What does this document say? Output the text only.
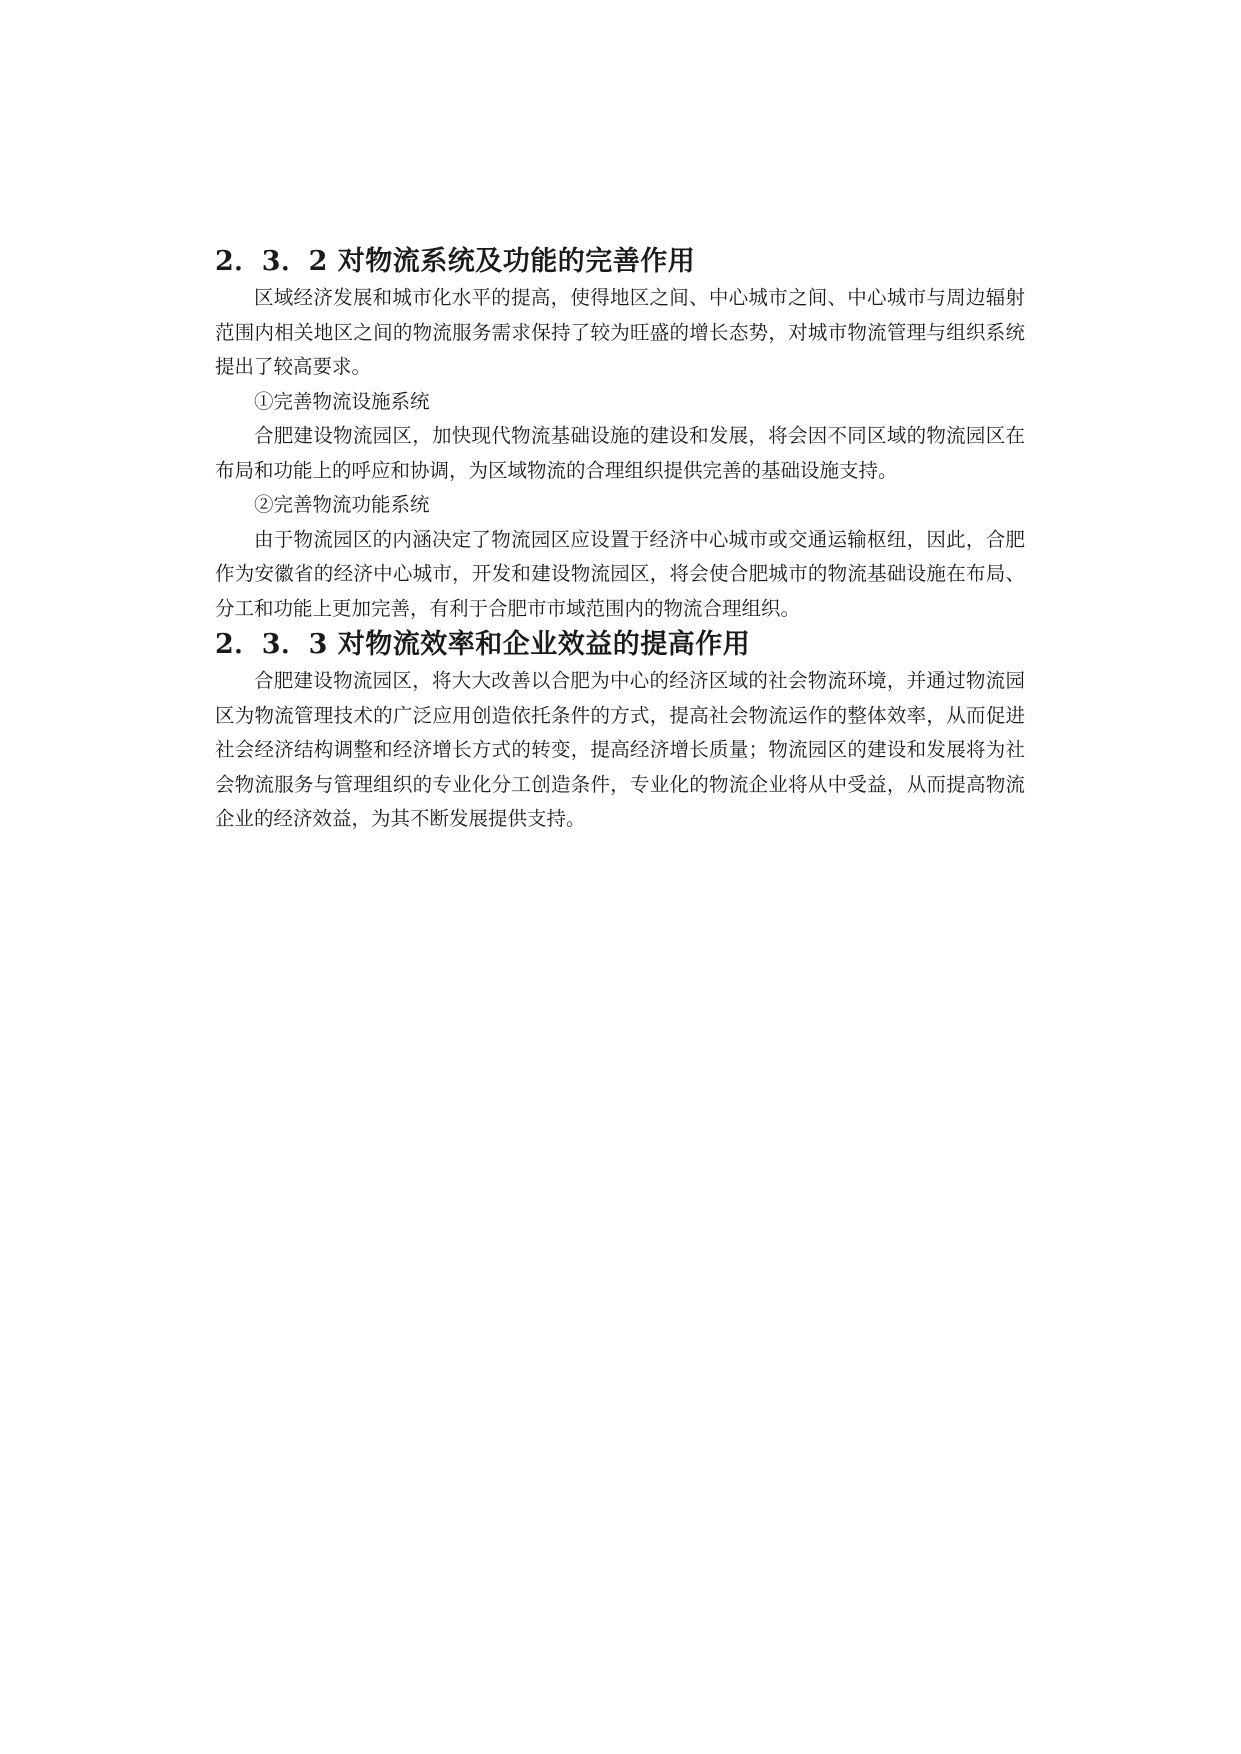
2．3．2 对物流系统及功能的完善作用

区域经济发展和城市化水平的提高，使得地区之间、中心城市之间、中心城市与周边辐射范围内相关地区之间的物流服务需求保持了较为旺盛的增长态势，对城市物流管理与组织系统提出了较高要求。

①完善物流设施系统

合肥建设物流园区，加快现代物流基础设施的建设和发展，将会因不同区域的物流园区在布局和功能上的呼应和协调，为区域物流的合理组织提供完善的基础设施支持。

②完善物流功能系统

由于物流园区的内涵决定了物流园区应设置于经济中心城市或交通运输枢纽，因此，合肥作为安徽省的经济中心城市，开发和建设物流园区，将会使合肥城市的物流基础设施在布局、分工和功能上更加完善，有利于合肥市市域范围内的物流合理组织。

2．3．3 对物流效率和企业效益的提高作用

合肥建设物流园区，将大大改善以合肥为中心的经济区域的社会物流环境，并通过物流园区为物流管理技术的广泛应用创造依托条件的方式，提高社会物流运作的整体效率，从而促进社会经济结构调整和经济增长方式的转变，提高经济增长质量；物流园区的建设和发展将为社会物流服务与管理组织的专业化分工创造条件，专业化的物流企业将从中受益，从而提高物流企业的经济效益，为其不断发展提供支持。
